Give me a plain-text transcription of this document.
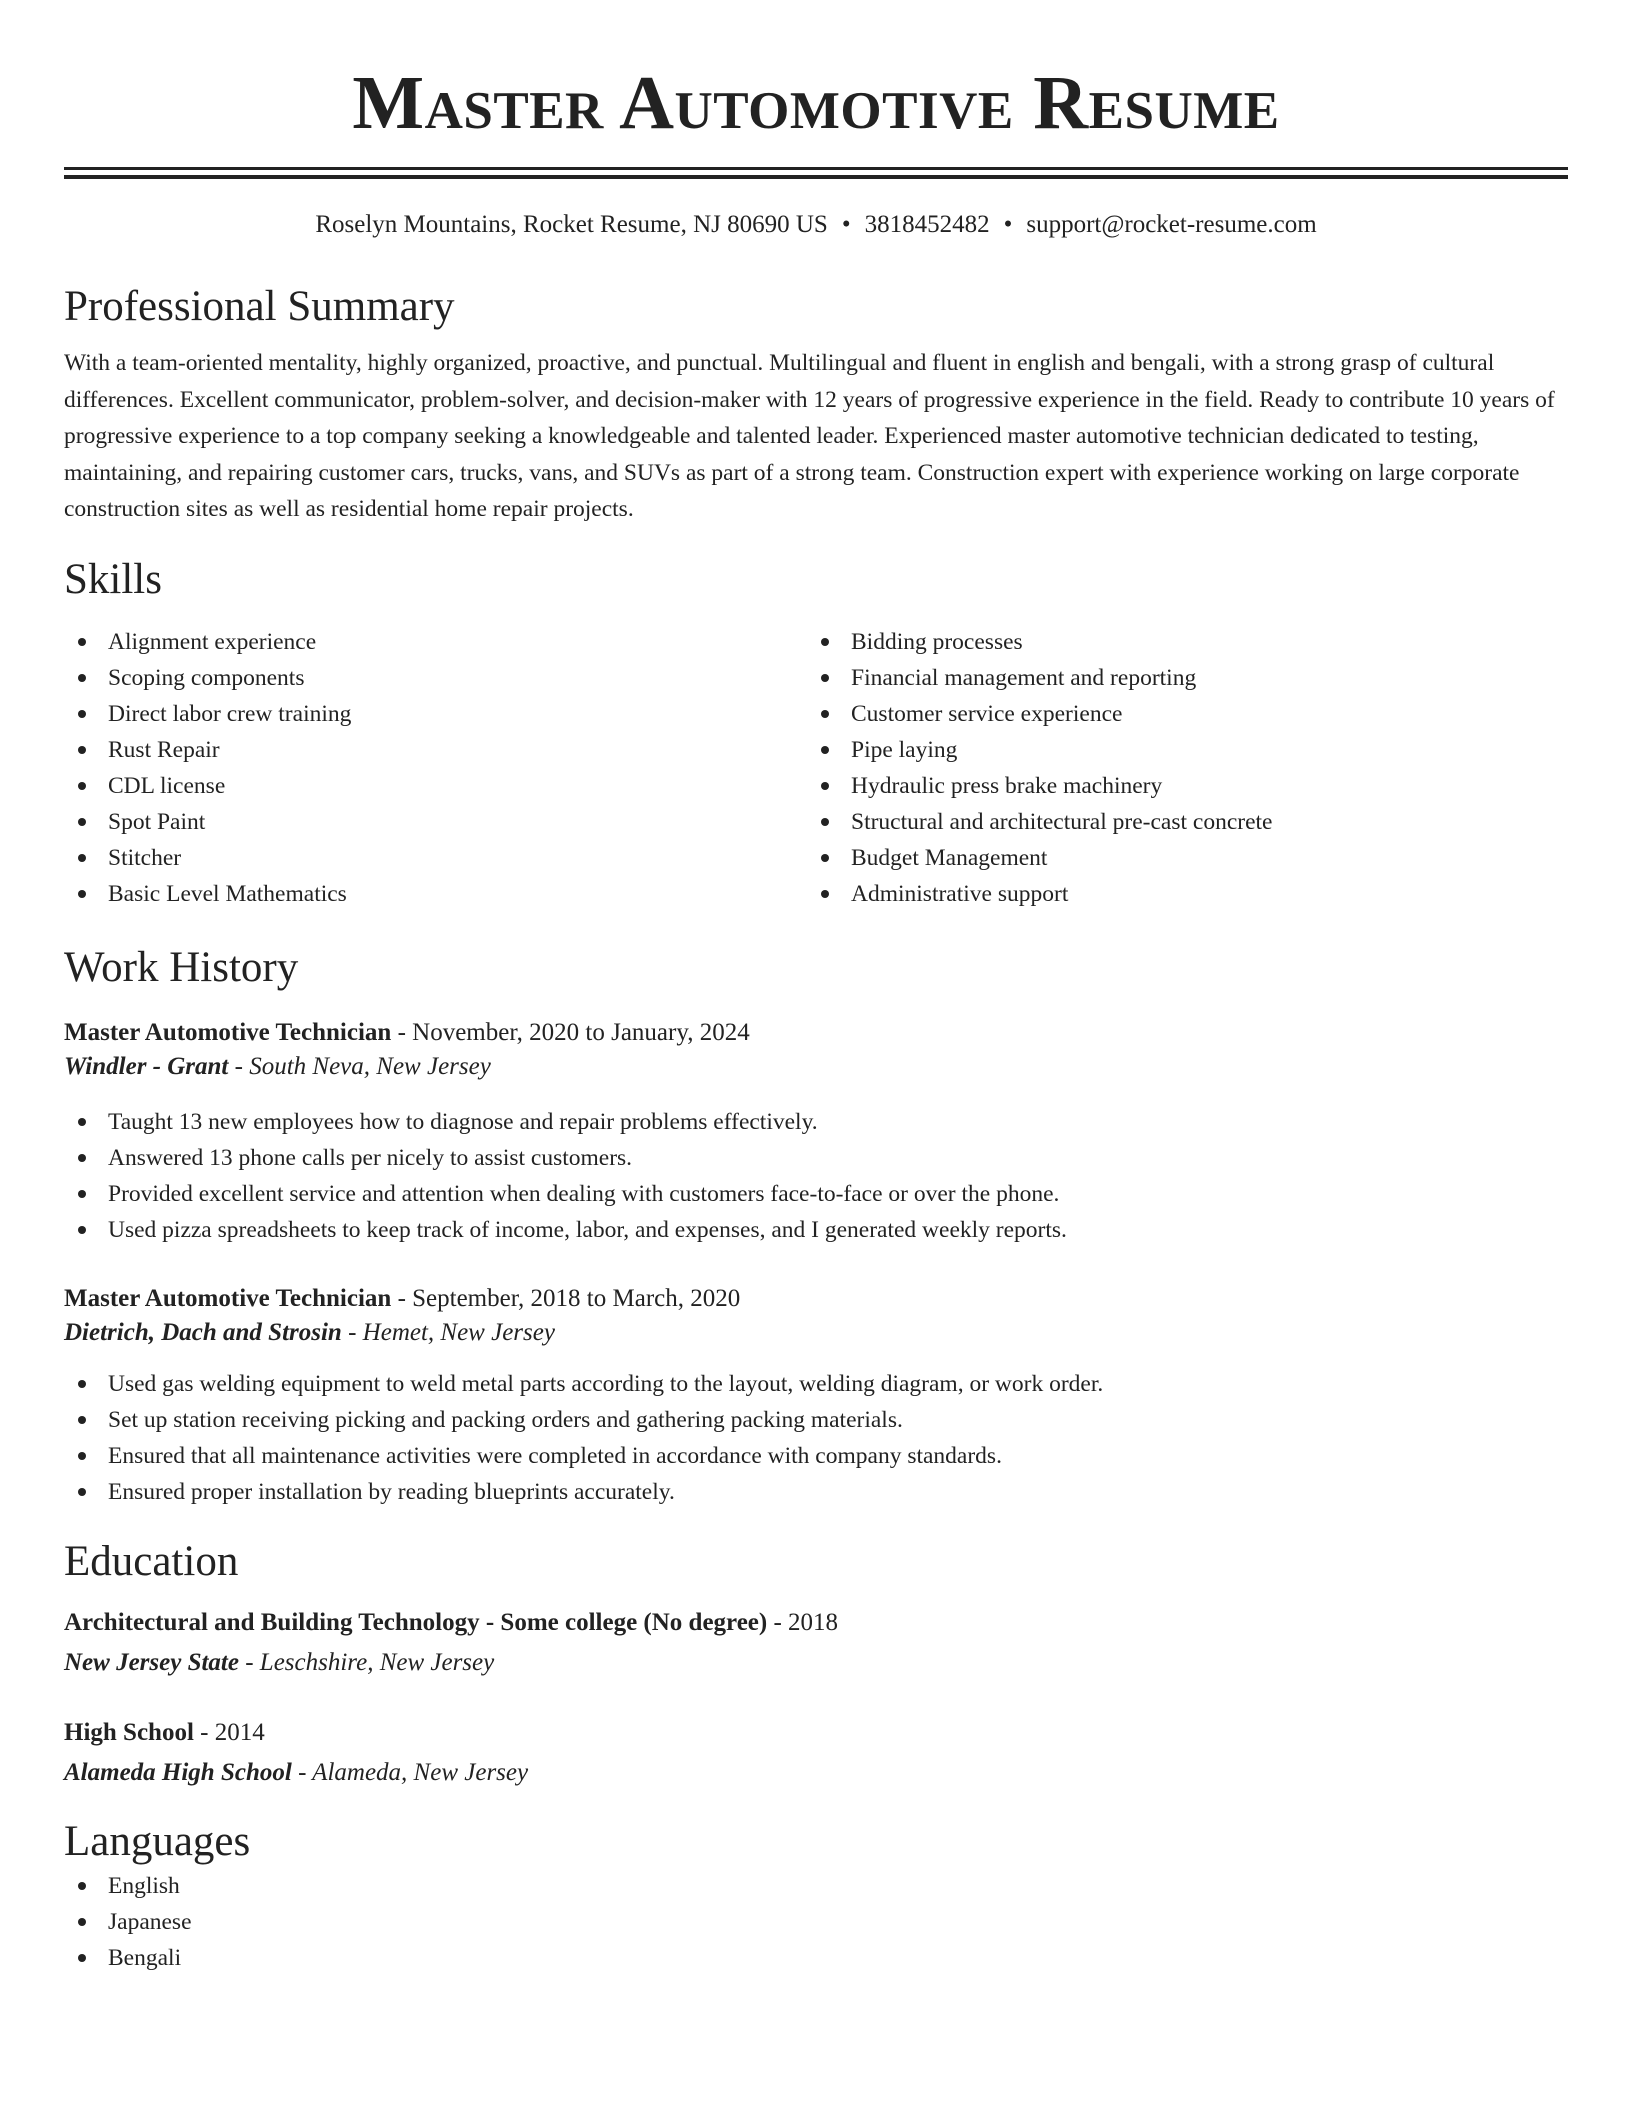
Master Automotive Resume
Roselyn Mountains, Rocket Resume, NJ 80690 US • 3818452482 • support@rocket-resume.com
Professional Summary

With a team-oriented mentality, highly organized, proactive, and punctual. Multilingual and fluent in english and bengali, with a strong grasp of cultural differences. Excellent communicator, problem-solver, and decision-maker with 12 years of progressive experience in the field. Ready to contribute 10 years of progressive experience to a top company seeking a knowledgeable and talented leader. Experienced master automotive technician dedicated to testing, maintaining, and repairing customer cars, trucks, vans, and SUVs as part of a strong team. Construction expert with experience working on large corporate construction sites as well as residential home repair projects.

Skills
Alignment experience
Scoping components
Direct labor crew training
Rust Repair
CDL license
Spot Paint
Stitcher
Basic Level Mathematics
Bidding processes
Financial management and reporting
Customer service experience
Pipe laying
Hydraulic press brake machinery
Structural and architectural pre-cast concrete
Budget Management
Administrative support
Work History
Master Automotive Technician - November, 2020 to January, 2024
Windler - Grant - South Neva, New Jersey
Taught 13 new employees how to diagnose and repair problems effectively.
Answered 13 phone calls per nicely to assist customers.
Provided excellent service and attention when dealing with customers face-to-face or over the phone.
Used pizza spreadsheets to keep track of income, labor, and expenses, and I generated weekly reports.
Master Automotive Technician - September, 2018 to March, 2020
Dietrich, Dach and Strosin - Hemet, New Jersey
Used gas welding equipment to weld metal parts according to the layout, welding diagram, or work order.
Set up station receiving picking and packing orders and gathering packing materials.
Ensured that all maintenance activities were completed in accordance with company standards.
Ensured proper installation by reading blueprints accurately.
Education
Architectural and Building Technology - Some college (No degree) - 2018
New Jersey State - Leschshire, New Jersey
High School - 2014
Alameda High School - Alameda, New Jersey
Languages
English
Japanese
Bengali
